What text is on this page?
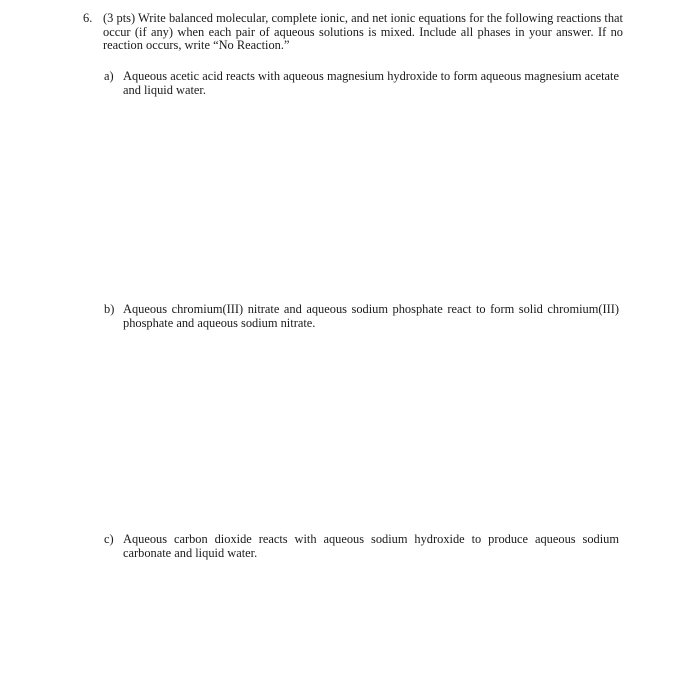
6. (3 pts) Write balanced molecular, complete ionic, and net ionic equations for the following reactions that occur (if any) when each pair of aqueous solutions is mixed. Include all phases in your answer. If no reaction occurs, write “No Reaction.”
a) Aqueous acetic acid reacts with aqueous magnesium hydroxide to form aqueous magnesium acetate and liquid water.
b) Aqueous chromium(III) nitrate and aqueous sodium phosphate react to form solid chromium(III) phosphate and aqueous sodium nitrate.
c) Aqueous carbon dioxide reacts with aqueous sodium hydroxide to produce aqueous sodium carbonate and liquid water.
